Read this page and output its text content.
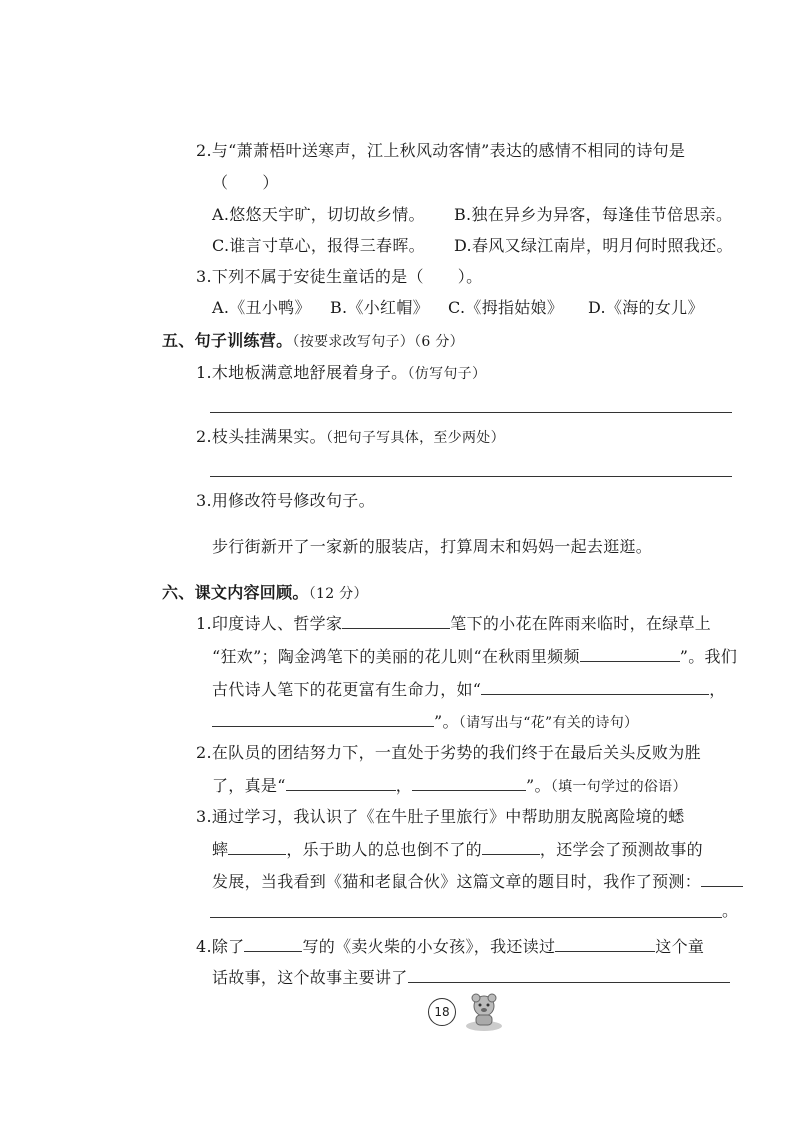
2.与“萧萧梧叶送寒声，江上秋风动客情”表达的感情不相同的诗句是
（ ）
A.悠悠天宇旷，切切故乡情。 B.独在异乡为异客，每逢佳节倍思亲。
C.谁言寸草心，报得三春晖。 D.春风又绿江南岸，明月何时照我还。
3.下列不属于安徒生童话的是（ ）。
A.《丑小鸭》 B.《小红帽》 C.《拇指姑娘》 D.《海的女儿》
五、句子训练营。（按要求改写句子）（6 分）
1.木地板满意地舒展着身子。（仿写句子）
2.枝头挂满果实。（把句子写具体，至少两处）
3.用修改符号修改句子。
步行街新开了一家新的服装店，打算周末和妈妈一起去逛逛。
六、课文内容回顾。（12 分）
1.印度诗人、哲学家	笔下的小花在阵雨来临时，在绿草上
“狂欢”；陶金鸿笔下的美丽的花儿则“在秋雨里频频	”。我们
古代诗人笔下的花更富有生命力，如“	，
”。（请写出与“花”有关的诗句）
2.在队员的团结努力下，一直处于劣势的我们终于在最后关头反败为胜
了，真是“	，	”。（填一句学过的俗语）
3.通过学习，我认识了《在牛肚子里旅行》中帮助朋友脱离险境的蟋
蟀	，乐于助人的总也倒不了的	，还学会了预测故事的
发展，当我看到《猫和老鼠合伙》这篇文章的题目时，我作了预测：
。
4.除了	写的《卖火柴的小女孩》，我还读过	这个童
话故事，这个故事主要讲了
18
